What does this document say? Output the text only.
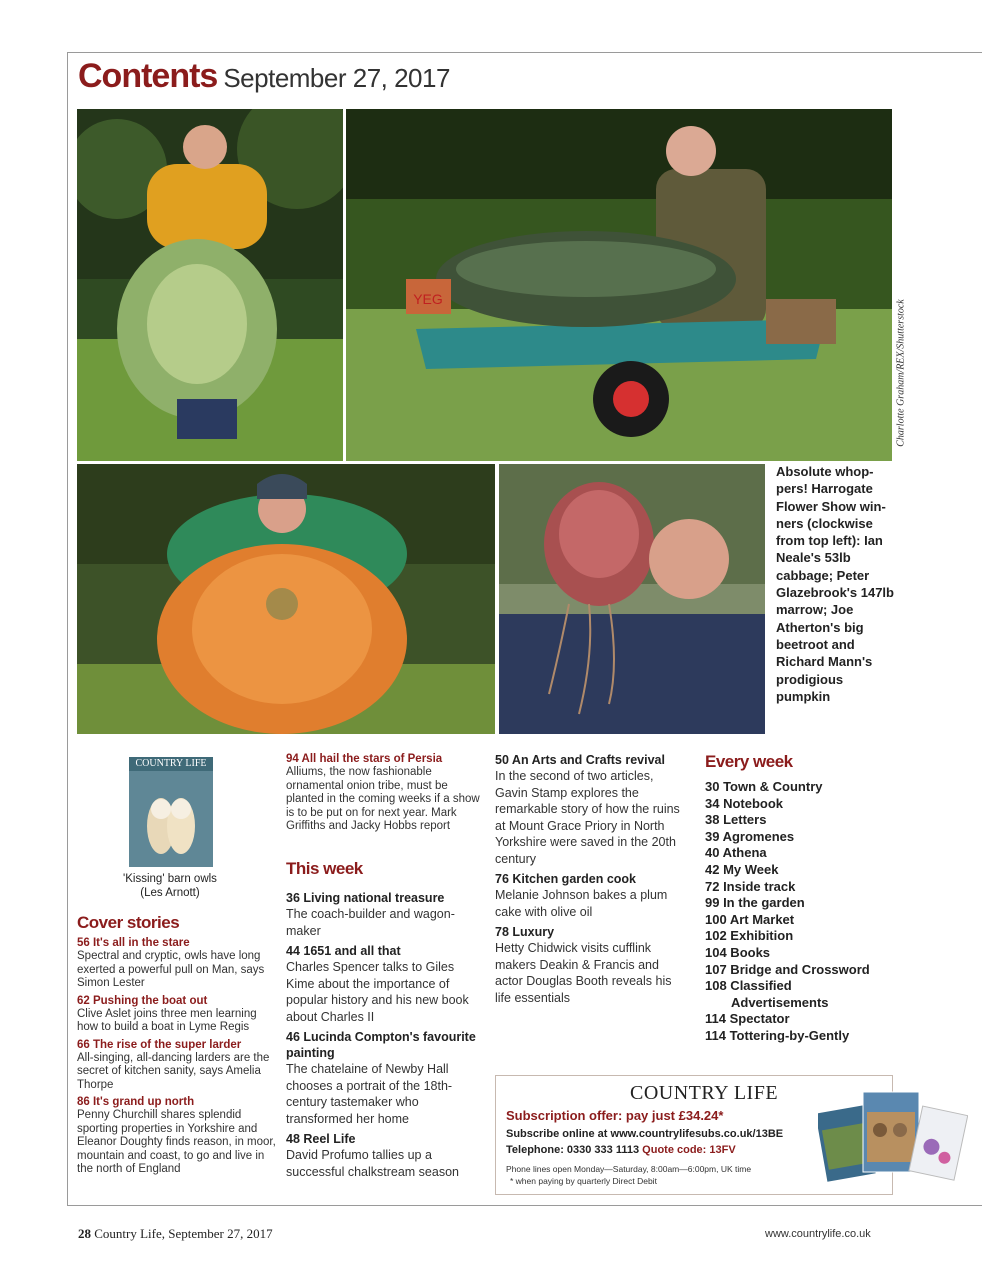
Contents September 27, 2017
YEG	Charlotte Graham/REX/Shutterstock
Absolute whop-pers! Harrogate Flower Show win-ners (clockwise from top left): Ian Neale's 53lb cabbage; Peter Glazebrook's 147lb marrow; Joe Atherton's big beetroot and Richard Mann's prodigious pumpkin
COUNTRY LIFE
'Kissing' barn owls
(Les Arnott)
Cover stories
56 It's all in the stare
Spectral and cryptic, owls have long exerted a powerful pull on Man, says Simon Lester
62 Pushing the boat out
Clive Aslet joins three men learning how to build a boat in Lyme Regis
66 The rise of the super larder
All-singing, all-dancing larders are the secret of kitchen sanity, says Amelia Thorpe
86 It's grand up north
Penny Churchill shares splendid sporting properties in Yorkshire and Eleanor Doughty finds reason, in moor, mountain and coast, to go and live in the north of England
94 All hail the stars of Persia
Alliums, the now fashionable ornamental onion tribe, must be planted in the coming weeks if a show is to be put on for next year. Mark Griffiths and Jacky Hobbs report
This week
36 Living national treasure
The coach-builder and wagon-maker
44 1651 and all that
Charles Spencer talks to Giles Kime about the importance of popular history and his new book about Charles II
46 Lucinda Compton's favourite painting
The chatelaine of Newby Hall chooses a portrait of the 18th-century tastemaker who transformed her home
48 Reel Life
David Profumo tallies up a successful chalkstream season
50 An Arts and Crafts revival
In the second of two articles, Gavin Stamp explores the remarkable story of how the ruins at Mount Grace Priory in North Yorkshire were saved in the 20th century
76 Kitchen garden cook
Melanie Johnson bakes a plum cake with olive oil
78 Luxury
Hetty Chidwick visits cufflink makers Deakin & Francis and actor Douglas Booth reveals his life essentials
Every week
30 Town & Country
34 Notebook
38 Letters
39 Agromenes
40 Athena
42 My Week
72 Inside track
99 In the garden
100 Art Market
102 Exhibition
104 Books
107 Bridge and Crossword
108 Classified
Advertisements
114 Spectator
114 Tottering-by-Gently
COUNTRY LIFE
Subscription offer: pay just £34.24*
Subscribe online at www.countrylifesubs.co.uk/13BE
Telephone: 0330 333 1113 Quote code: 13FV
Phone lines open Monday—Saturday, 8:00am—6:00pm, UK time
* when paying by quarterly Direct Debit
28 Country Life, September 27, 2017	www.countrylife.co.uk
